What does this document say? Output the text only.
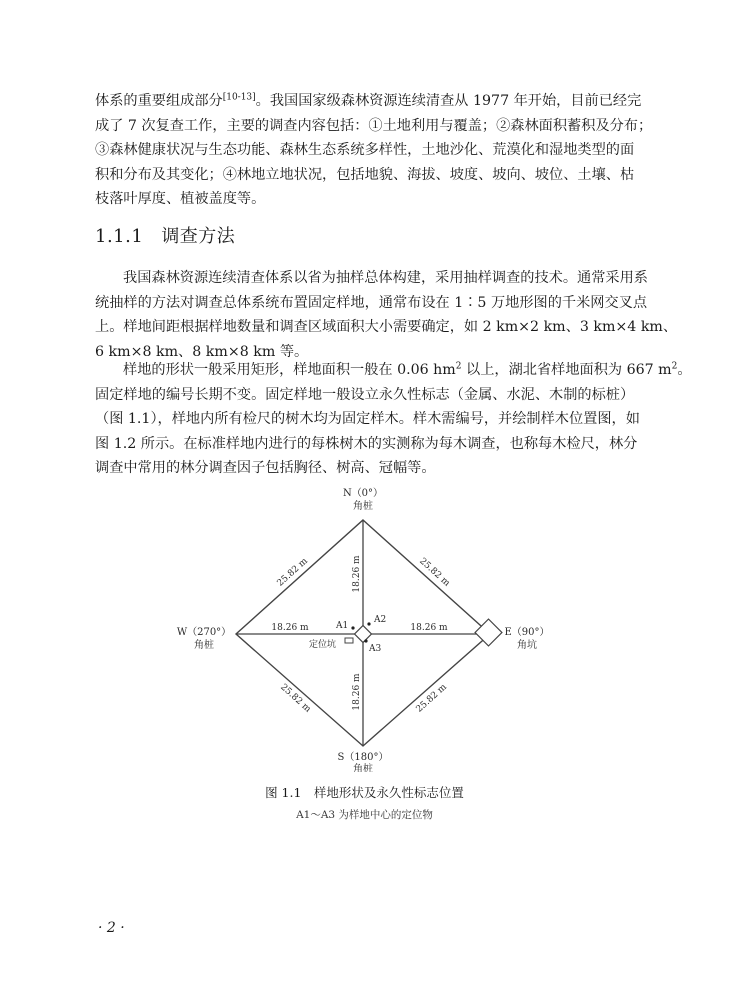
体系的重要组成部分[10-13]。我国国家级森林资源连续清查从 1977 年开始，目前已经完
成了 7 次复查工作，主要的调查内容包括：①土地利用与覆盖；②森林面积蓄积及分布；
③森林健康状况与生态功能、森林生态系统多样性，土地沙化、荒漠化和湿地类型的面
积和分布及其变化；④林地立地状况，包括地貌、海拔、坡度、坡向、坡位、土壤、枯
枝落叶厚度、植被盖度等。
1.1.1 调查方法
我国森林资源连续清查体系以省为抽样总体构建，采用抽样调查的技术。通常采用系
统抽样的方法对调查总体系统布置固定样地，通常布设在 1∶5 万地形图的千米网交叉点
上。样地间距根据样地数量和调查区域面积大小需要确定，如 2 km×2 km、3 km×4 km、
6 km×8 km、8 km×8 km 等。
样地的形状一般采用矩形，样地面积一般在 0.06 $hm^2$ 以上，湖北省样地面积为 667 $m^2$。
固定样地的编号长期不变。固定样地一般设立永久性标志（金属、水泥、木制的标桩）
（图 1.1），样地内所有检尺的树木均为固定样木。样木需编号，并绘制样木位置图，如
图 1.2 所示。在标准样地内进行的每株树木的实测称为每木调查，也称每木检尺，林分
调查中常用的林分调查因子包括胸径、树高、冠幅等。
N（0°）
角桩
W（270°）
角桩
E（90°）
角坑
S（180°）
角桩
A1
A2
A3
定位坑
18.26 m	18.26 m
18.26 m
18.26 m
25.82 m	25.82 m
25.82 m	25.82 m
图 1.1　样地形状及永久性标志位置
A1～A3 为样地中心的定位物
· 2 ·
